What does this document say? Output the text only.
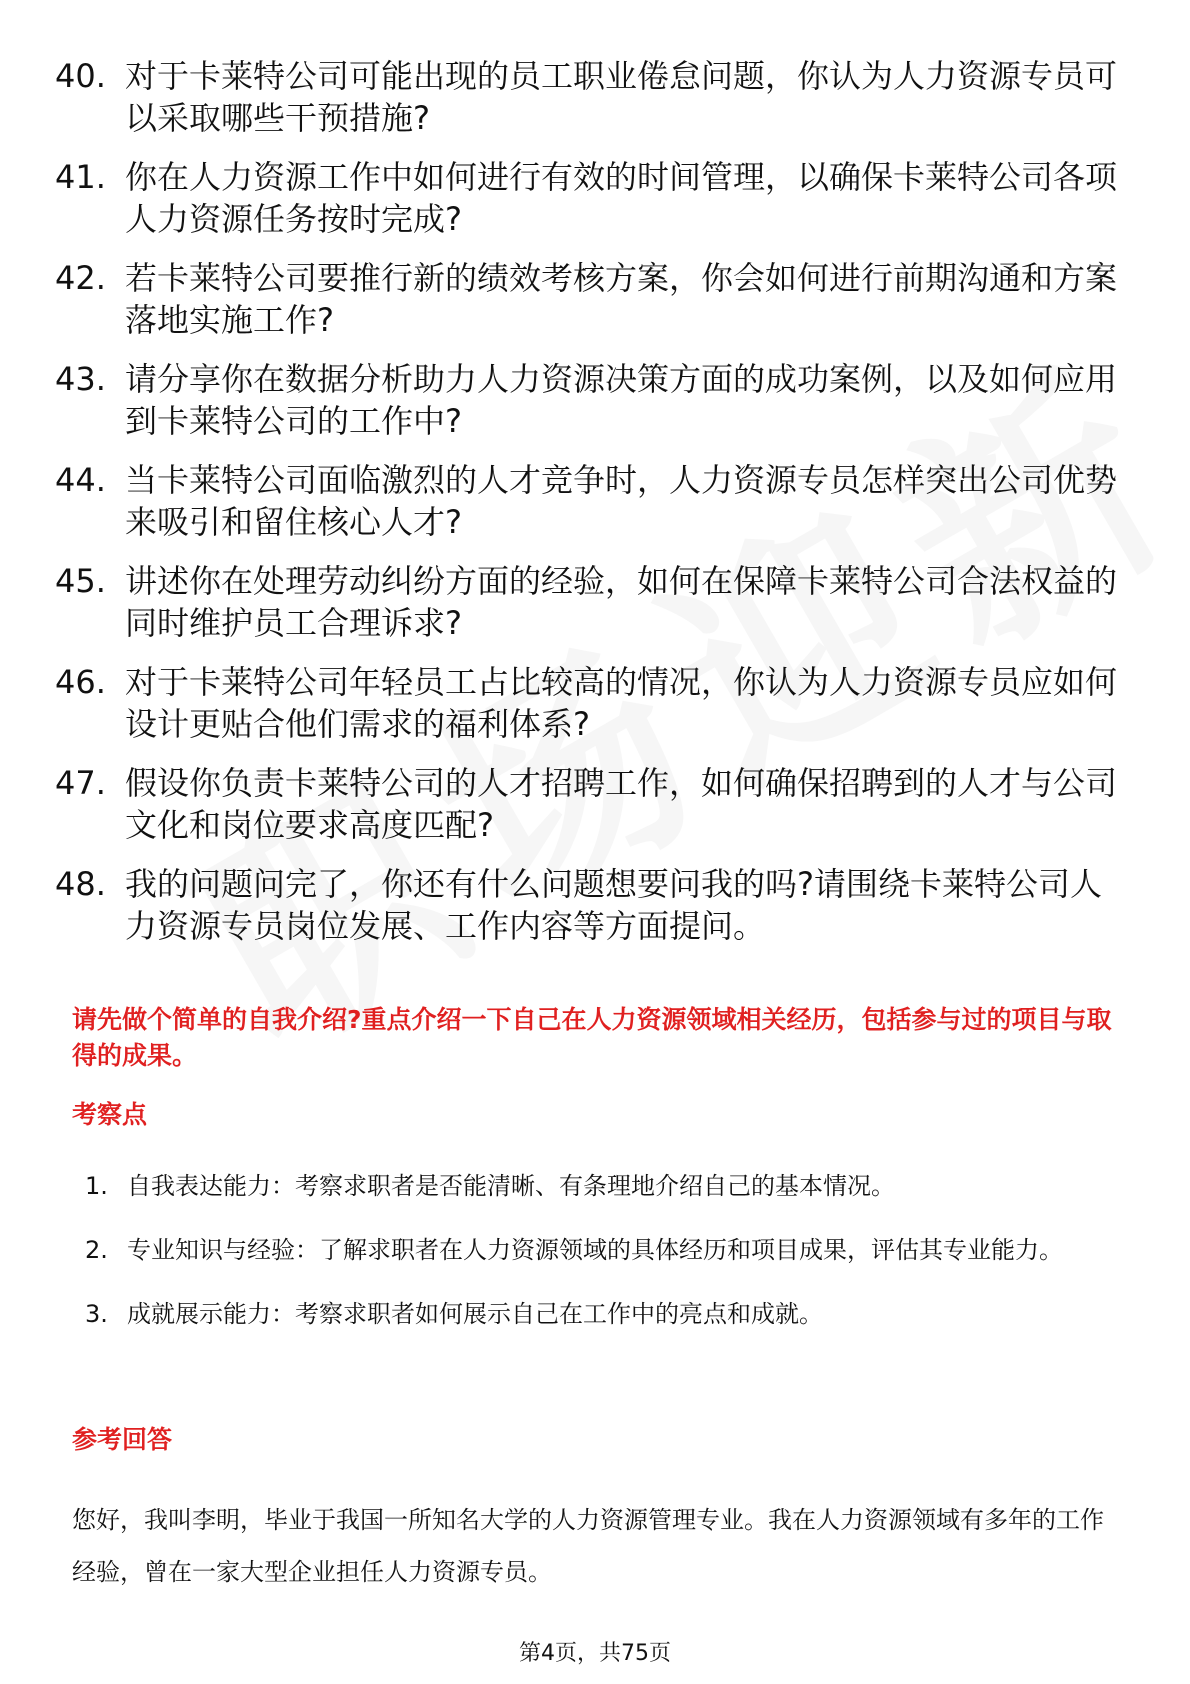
40. 对于卡莱特公司可能出现的员工职业倦怠问题，你认为人力资源专员可以采取哪些干预措施?
41. 你在人力资源工作中如何进行有效的时间管理，以确保卡莱特公司各项人力资源任务按时完成?
42. 若卡莱特公司要推行新的绩效考核方案，你会如何进行前期沟通和方案落地实施工作?
43. 请分享你在数据分析助力人力资源决策方面的成功案例，以及如何应用到卡莱特公司的工作中?
44. 当卡莱特公司面临激烈的人才竞争时，人力资源专员怎样突出公司优势来吸引和留住核心人才?
45. 讲述你在处理劳动纠纷方面的经验，如何在保障卡莱特公司合法权益的同时维护员工合理诉求?
46. 对于卡莱特公司年轻员工占比较高的情况，你认为人力资源专员应如何设计更贴合他们需求的福利体系?
47. 假设你负责卡莱特公司的人才招聘工作，如何确保招聘到的人才与公司文化和岗位要求高度匹配?
48. 我的问题问完了，你还有什么问题想要问我的吗?请围绕卡莱特公司人力资源专员岗位发展、工作内容等方面提问。
请先做个简单的自我介绍?重点介绍一下自己在人力资源领域相关经历，包括参与过的项目与取得的成果。
考察点
1. 自我表达能力：考察求职者是否能清晰、有条理地介绍自己的基本情况。
2. 专业知识与经验：了解求职者在人力资源领域的具体经历和项目成果，评估其专业能力。
3. 成就展示能力：考察求职者如何展示自己在工作中的亮点和成就。
参考回答
您好，我叫李明，毕业于我国一所知名大学的人力资源管理专业。我在人力资源领域有多年的工作经验，曾在一家大型企业担任人力资源专员。
第4页，共75页
